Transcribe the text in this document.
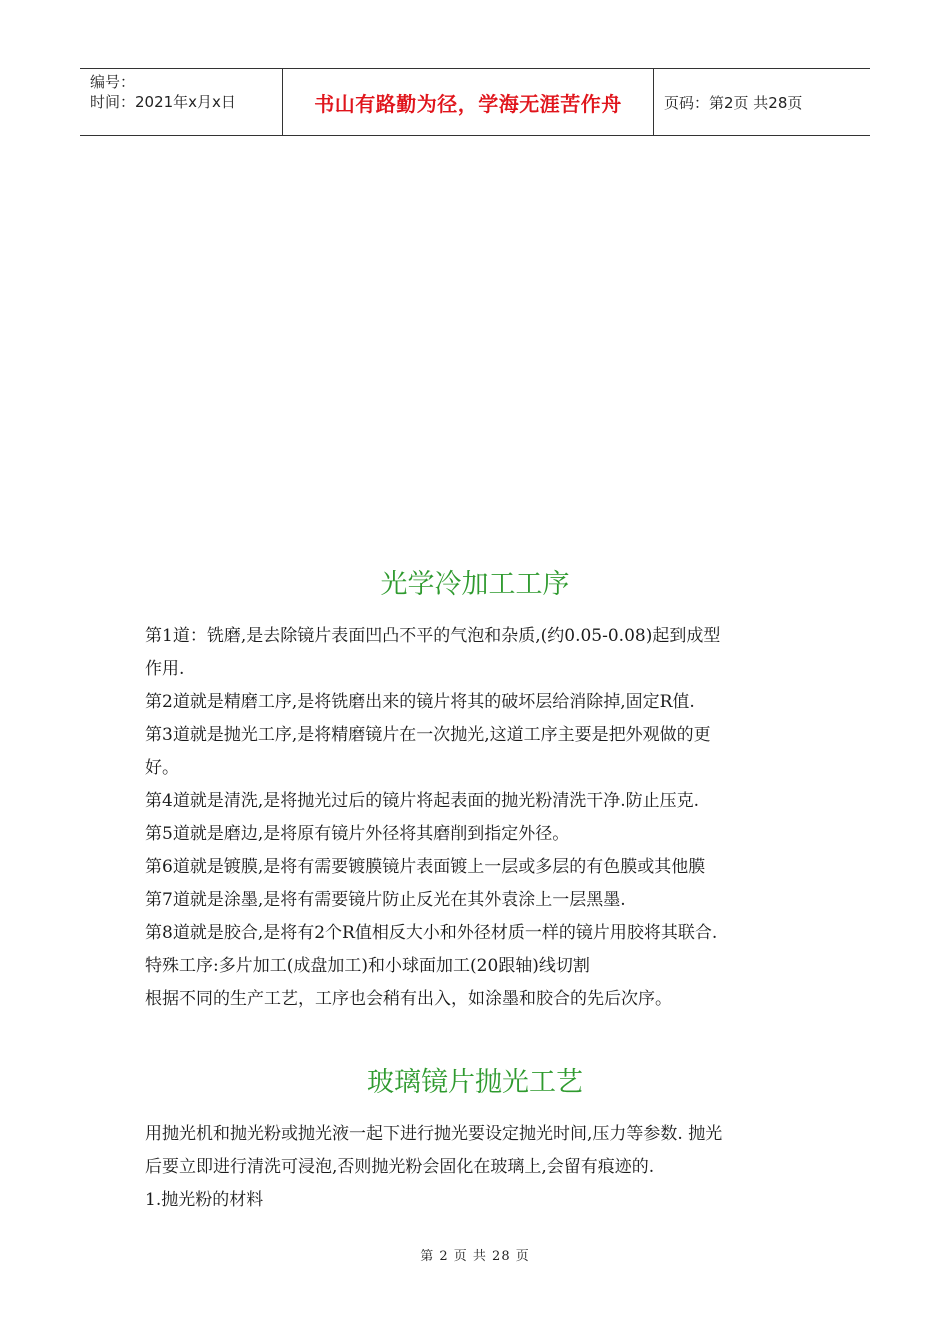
编号：
时间：2021年x月x日	书山有路勤为径，学海无涯苦作舟	页码：第2页 共28页
光学冷加工工序

第1道：铣磨,是去除镜片表面凹凸不平的气泡和杂质,(约0.05-0.08)起到成型

作用.

第2道就是精磨工序,是将铣磨出来的镜片将其的破坏层给消除掉,固定R值.

第3道就是抛光工序,是将精磨镜片在一次抛光,这道工序主要是把外观做的更

好。

第4道就是清洗,是将抛光过后的镜片将起表面的抛光粉清洗干净.防止压克.

第5道就是磨边,是将原有镜片外径将其磨削到指定外径。

第6道就是镀膜,是将有需要镀膜镜片表面镀上一层或多层的有色膜或其他膜

第7道就是涂墨,是将有需要镜片防止反光在其外袁涂上一层黑墨.

第8道就是胶合,是将有2个R值相反大小和外径材质一样的镜片用胶将其联合.

特殊工序:多片加工(成盘加工)和小球面加工(20跟轴)线切割

根据不同的生产工艺，工序也会稍有出入，如涂墨和胶合的先后次序。

玻璃镜片抛光工艺

用抛光机和抛光粉或抛光液一起下进行抛光要设定抛光时间,压力等参数. 抛光

后要立即进行清洗可浸泡,否则抛光粉会固化在玻璃上,会留有痕迹的.

1.抛光粉的材料

第 2 页 共 28 页
